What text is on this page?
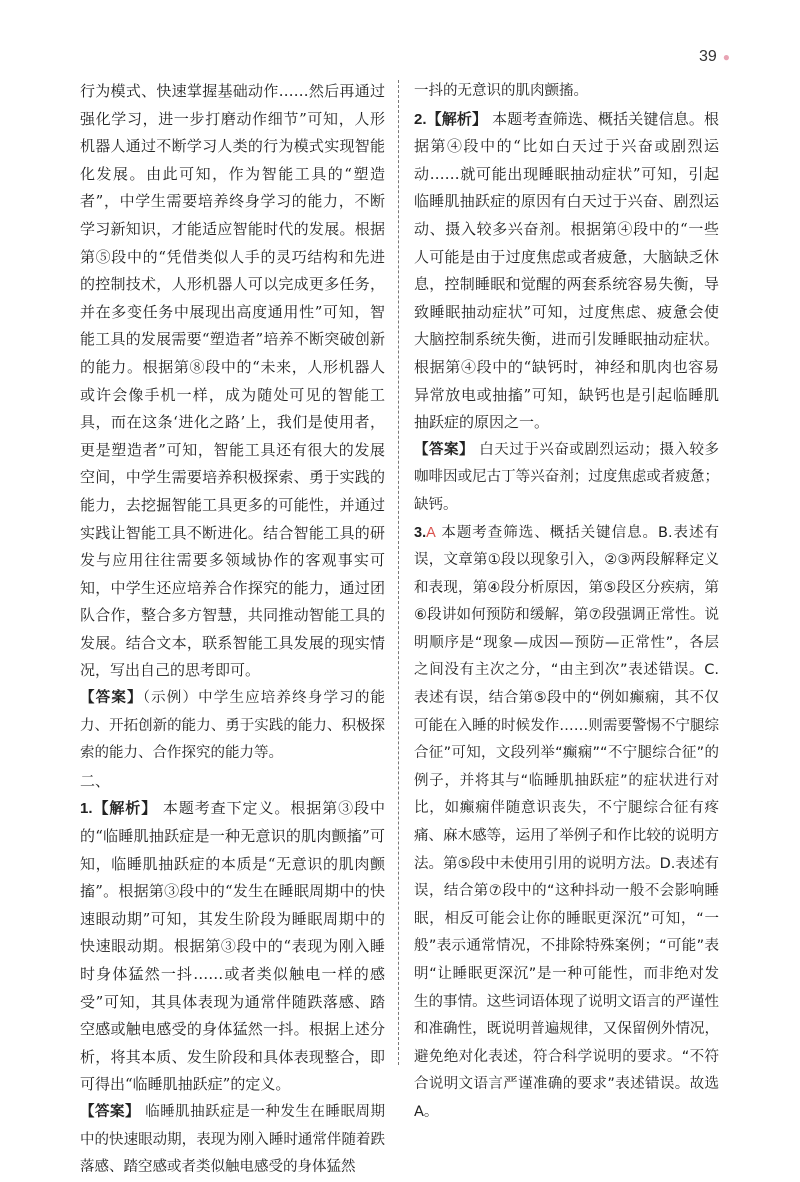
39 ●

行为模式、快速掌握基础动作……然后再通过强化学习，进一步打磨动作细节”可知，人形机器人通过不断学习人类的行为模式实现智能化发展。由此可知，作为智能工具的“塑造者”，中学生需要培养终身学习的能力，不断学习新知识，才能适应智能时代的发展。根据第⑤段中的“凭借类似人手的灵巧结构和先进的控制技术，人形机器人可以完成更多任务，并在多变任务中展现出高度通用性”可知，智能工具的发展需要“塑造者”培养不断突破创新的能力。根据第⑧段中的“未来，人形机器人或许会像手机一样，成为随处可见的智能工具，而在这条‘进化之路’上，我们是使用者，更是塑造者”可知，智能工具还有很大的发展空间，中学生需要培养积极探索、勇于实践的能力，去挖掘智能工具更多的可能性，并通过实践让智能工具不断进化。结合智能工具的研发与应用往往需要多领域协作的客观事实可知，中学生还应培养合作探究的能力，通过团队合作，整合多方智慧，共同推动智能工具的发展。结合文本，联系智能工具发展的现实情况，写出自己的思考即可。

【答案】（示例）中学生应培养终身学习的能力、开拓创新的能力、勇于实践的能力、积极探索的能力、合作探究的能力等。

二、

1.【解析】 本题考查下定义。根据第③段中的“临睡肌抽跃症是一种无意识的肌肉颤搐”可知，临睡肌抽跃症的本质是“无意识的肌肉颤搐”。根据第③段中的“发生在睡眠周期中的快速眼动期”可知，其发生阶段为睡眠周期中的快速眼动期。根据第③段中的“表现为刚入睡时身体猛然一抖……或者类似触电一样的感受”可知，其具体表现为通常伴随跌落感、踏空感或触电感受的身体猛然一抖。根据上述分析，将其本质、发生阶段和具体表现整合，即可得出“临睡肌抽跃症”的定义。

【答案】 临睡肌抽跃症是一种发生在睡眠周期中的快速眼动期，表现为刚入睡时通常伴随着跌落感、踏空感或者类似触电感受的身体猛然

一抖的无意识的肌肉颤搐。

2.【解析】 本题考查筛选、概括关键信息。根据第④段中的“比如白天过于兴奋或剧烈运动……就可能出现睡眠抽动症状”可知，引起临睡肌抽跃症的原因有白天过于兴奋、剧烈运动、摄入较多兴奋剂。根据第④段中的“一些人可能是由于过度焦虑或者疲惫，大脑缺乏休息，控制睡眠和觉醒的两套系统容易失衡，导致睡眠抽动症状”可知，过度焦虑、疲惫会使大脑控制系统失衡，进而引发睡眠抽动症状。根据第④段中的“缺钙时，神经和肌肉也容易异常放电或抽搐”可知，缺钙也是引起临睡肌抽跃症的原因之一。

【答案】 白天过于兴奋或剧烈运动；摄入较多咖啡因或尼古丁等兴奋剂；过度焦虑或者疲惫；缺钙。

3.A 本题考查筛选、概括关键信息。B.表述有误，文章第①段以现象引入，②③两段解释定义和表现，第④段分析原因，第⑤段区分疾病，第⑥段讲如何预防和缓解，第⑦段强调正常性。说明顺序是“现象—成因—预防—正常性”，各层之间没有主次之分，“由主到次”表述错误。C.表述有误，结合第⑤段中的“例如癫痫，其不仅可能在入睡的时候发作……则需要警惕不宁腿综合征”可知，文段列举“癫痫”“不宁腿综合征”的例子，并将其与“临睡肌抽跃症”的症状进行对比，如癫痫伴随意识丧失，不宁腿综合征有疼痛、麻木感等，运用了举例子和作比较的说明方法。第⑤段中未使用引用的说明方法。D.表述有误，结合第⑦段中的“这种抖动一般不会影响睡眠，相反可能会让你的睡眠更深沉”可知，“一般”表示通常情况，不排除特殊案例；“可能”表明“让睡眠更深沉”是一种可能性，而非绝对发生的事情。这些词语体现了说明文语言的严谨性和准确性，既说明普遍规律，又保留例外情况，避免绝对化表述，符合科学说明的要求。“不符合说明文语言严谨准确的要求”表述错误。故选A。
